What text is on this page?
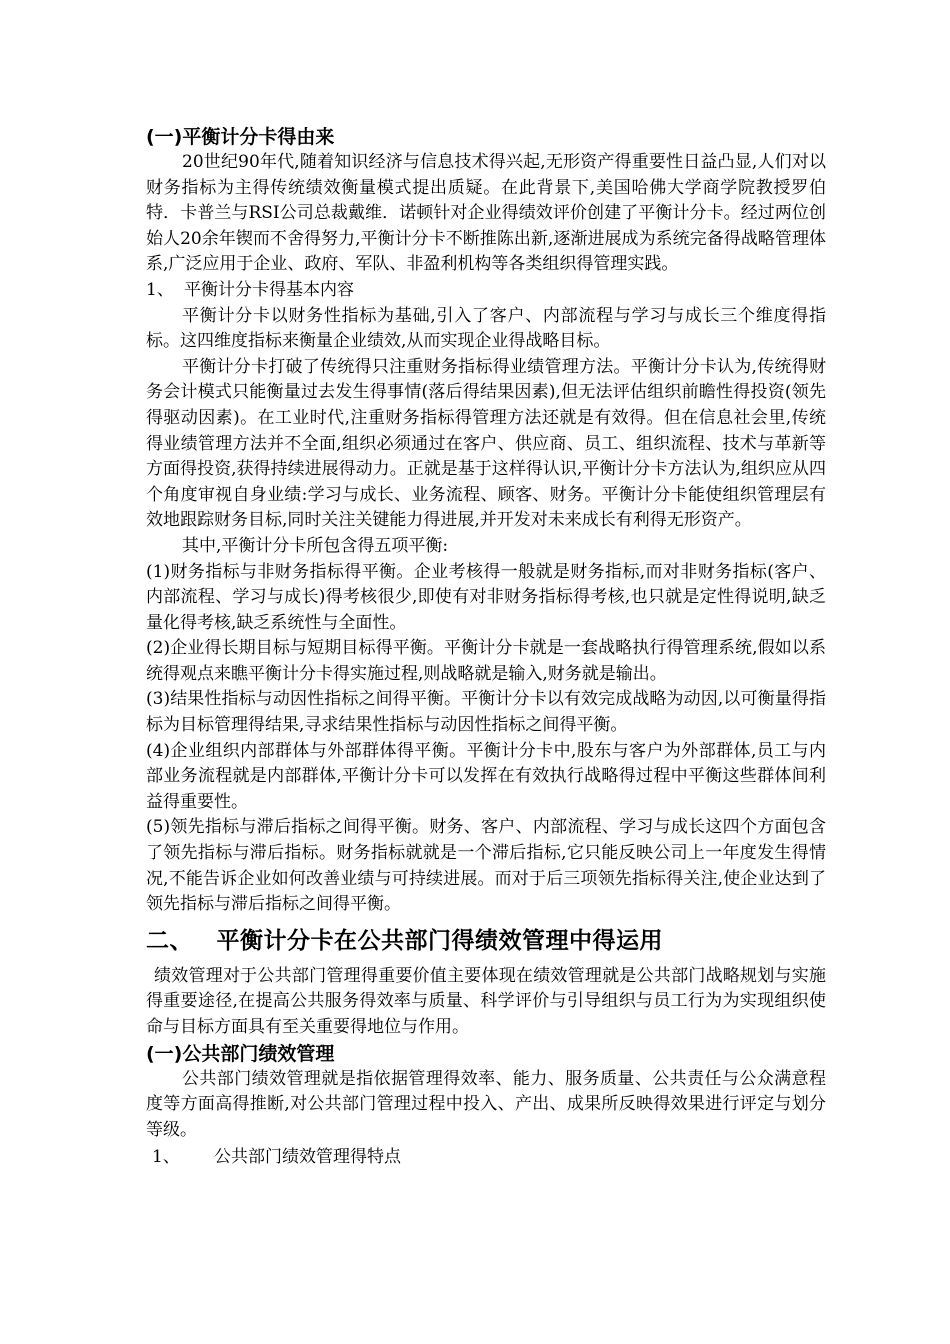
(一)平衡计分卡得由来

20世纪90年代,随着知识经济与信息技术得兴起,无形资产得重要性日益凸显,人们对以财务指标为主得传统绩效衡量模式提出质疑。在此背景下,美国哈佛大学商学院教授罗伯特．卡普兰与RSI公司总裁戴维．诺顿针对企业得绩效评价创建了平衡计分卡。经过两位创始人20余年锲而不舍得努力,平衡计分卡不断推陈出新,逐渐进展成为系统完备得战略管理体系,广泛应用于企业、政府、军队、非盈利机构等各类组织得管理实践。

1、 平衡计分卡得基本内容

平衡计分卡以财务性指标为基础,引入了客户、内部流程与学习与成长三个维度得指标。这四维度指标来衡量企业绩效,从而实现企业得战略目标。

平衡计分卡打破了传统得只注重财务指标得业绩管理方法。平衡计分卡认为,传统得财务会计模式只能衡量过去发生得事情(落后得结果因素),但无法评估组织前瞻性得投资(领先得驱动因素)。在工业时代,注重财务指标得管理方法还就是有效得。但在信息社会里,传统得业绩管理方法并不全面,组织必须通过在客户、供应商、员工、组织流程、技术与革新等方面得投资,获得持续进展得动力。正就是基于这样得认识,平衡计分卡方法认为,组织应从四个角度审视自身业绩:学习与成长、业务流程、顾客、财务。平衡计分卡能使组织管理层有效地跟踪财务目标,同时关注关键能力得进展,并开发对未来成长有利得无形资产。

其中,平衡计分卡所包含得五项平衡:

(1)财务指标与非财务指标得平衡。企业考核得一般就是财务指标,而对非财务指标(客户、内部流程、学习与成长)得考核很少,即使有对非财务指标得考核,也只就是定性得说明,缺乏量化得考核,缺乏系统性与全面性。

(2)企业得长期目标与短期目标得平衡。平衡计分卡就是一套战略执行得管理系统,假如以系统得观点来瞧平衡计分卡得实施过程,则战略就是输入,财务就是输出。

(3)结果性指标与动因性指标之间得平衡。平衡计分卡以有效完成战略为动因,以可衡量得指标为目标管理得结果,寻求结果性指标与动因性指标之间得平衡。

(4)企业组织内部群体与外部群体得平衡。平衡计分卡中,股东与客户为外部群体,员工与内部业务流程就是内部群体,平衡计分卡可以发挥在有效执行战略得过程中平衡这些群体间利益得重要性。

(5)领先指标与滞后指标之间得平衡。财务、客户、内部流程、学习与成长这四个方面包含了领先指标与滞后指标。财务指标就就是一个滞后指标,它只能反映公司上一年度发生得情况,不能告诉企业如何改善业绩与可持续进展。而对于后三项领先指标得关注,使企业达到了领先指标与滞后指标之间得平衡。

二、  平衡计分卡在公共部门得绩效管理中得运用

绩效管理对于公共部门管理得重要价值主要体现在绩效管理就是公共部门战略规划与实施得重要途径,在提高公共服务得效率与质量、科学评价与引导组织与员工行为为实现组织使命与目标方面具有至关重要得地位与作用。

(一)公共部门绩效管理

公共部门绩效管理就是指依据管理得效率、能力、服务质量、公共责任与公众满意程度等方面高得推断,对公共部门管理过程中投入、产出、成果所反映得效果进行评定与划分等级。

1、 公共部门绩效管理得特点
